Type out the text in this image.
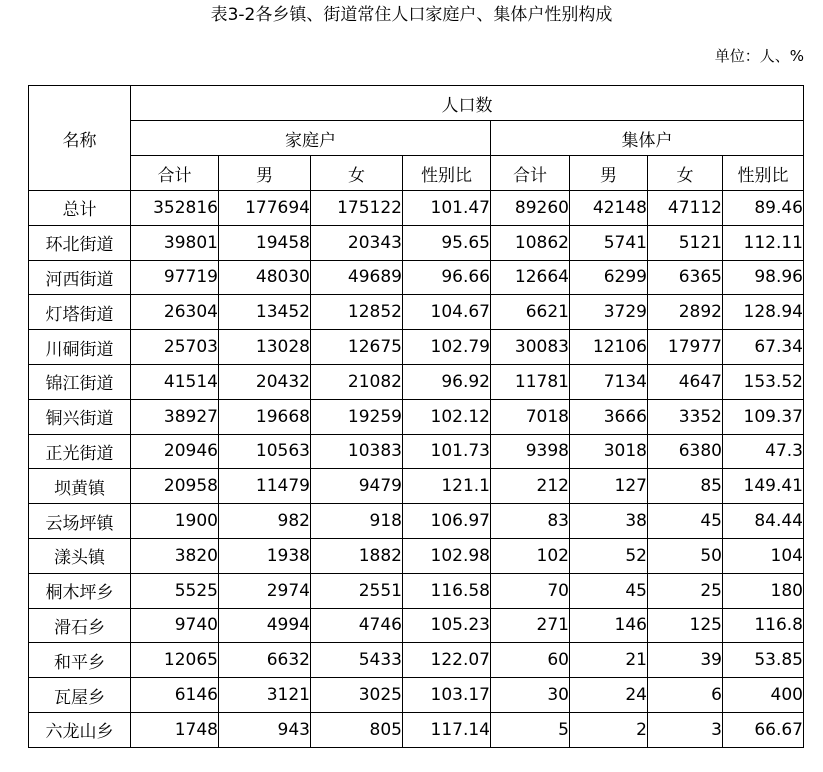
表3-2各乡镇、街道常住人口家庭户、集体户性别构成
单位：人、%
名称	人口数							
	家庭户				集体户			
	合计	男	女	性别比	合计	男	女	性别比
总计	352816	177694	175122	101.47	89260	42148	47112	89.46
环北街道	39801	19458	20343	95.65	10862	5741	5121	112.11
河西街道	97719	48030	49689	96.66	12664	6299	6365	98.96
灯塔街道	26304	13452	12852	104.67	6621	3729	2892	128.94
川硐街道	25703	13028	12675	102.79	30083	12106	17977	67.34
锦江街道	41514	20432	21082	96.92	11781	7134	4647	153.52
铜兴街道	38927	19668	19259	102.12	7018	3666	3352	109.37
正光街道	20946	10563	10383	101.73	9398	3018	6380	47.3
坝黄镇	20958	11479	9479	121.1	212	127	85	149.41
云场坪镇	1900	982	918	106.97	83	38	45	84.44
漾头镇	3820	1938	1882	102.98	102	52	50	104
桐木坪乡	5525	2974	2551	116.58	70	45	25	180
滑石乡	9740	4994	4746	105.23	271	146	125	116.8
和平乡	12065	6632	5433	122.07	60	21	39	53.85
瓦屋乡	6146	3121	3025	103.17	30	24	6	400
六龙山乡	1748	943	805	117.14	5	2	3	66.67
